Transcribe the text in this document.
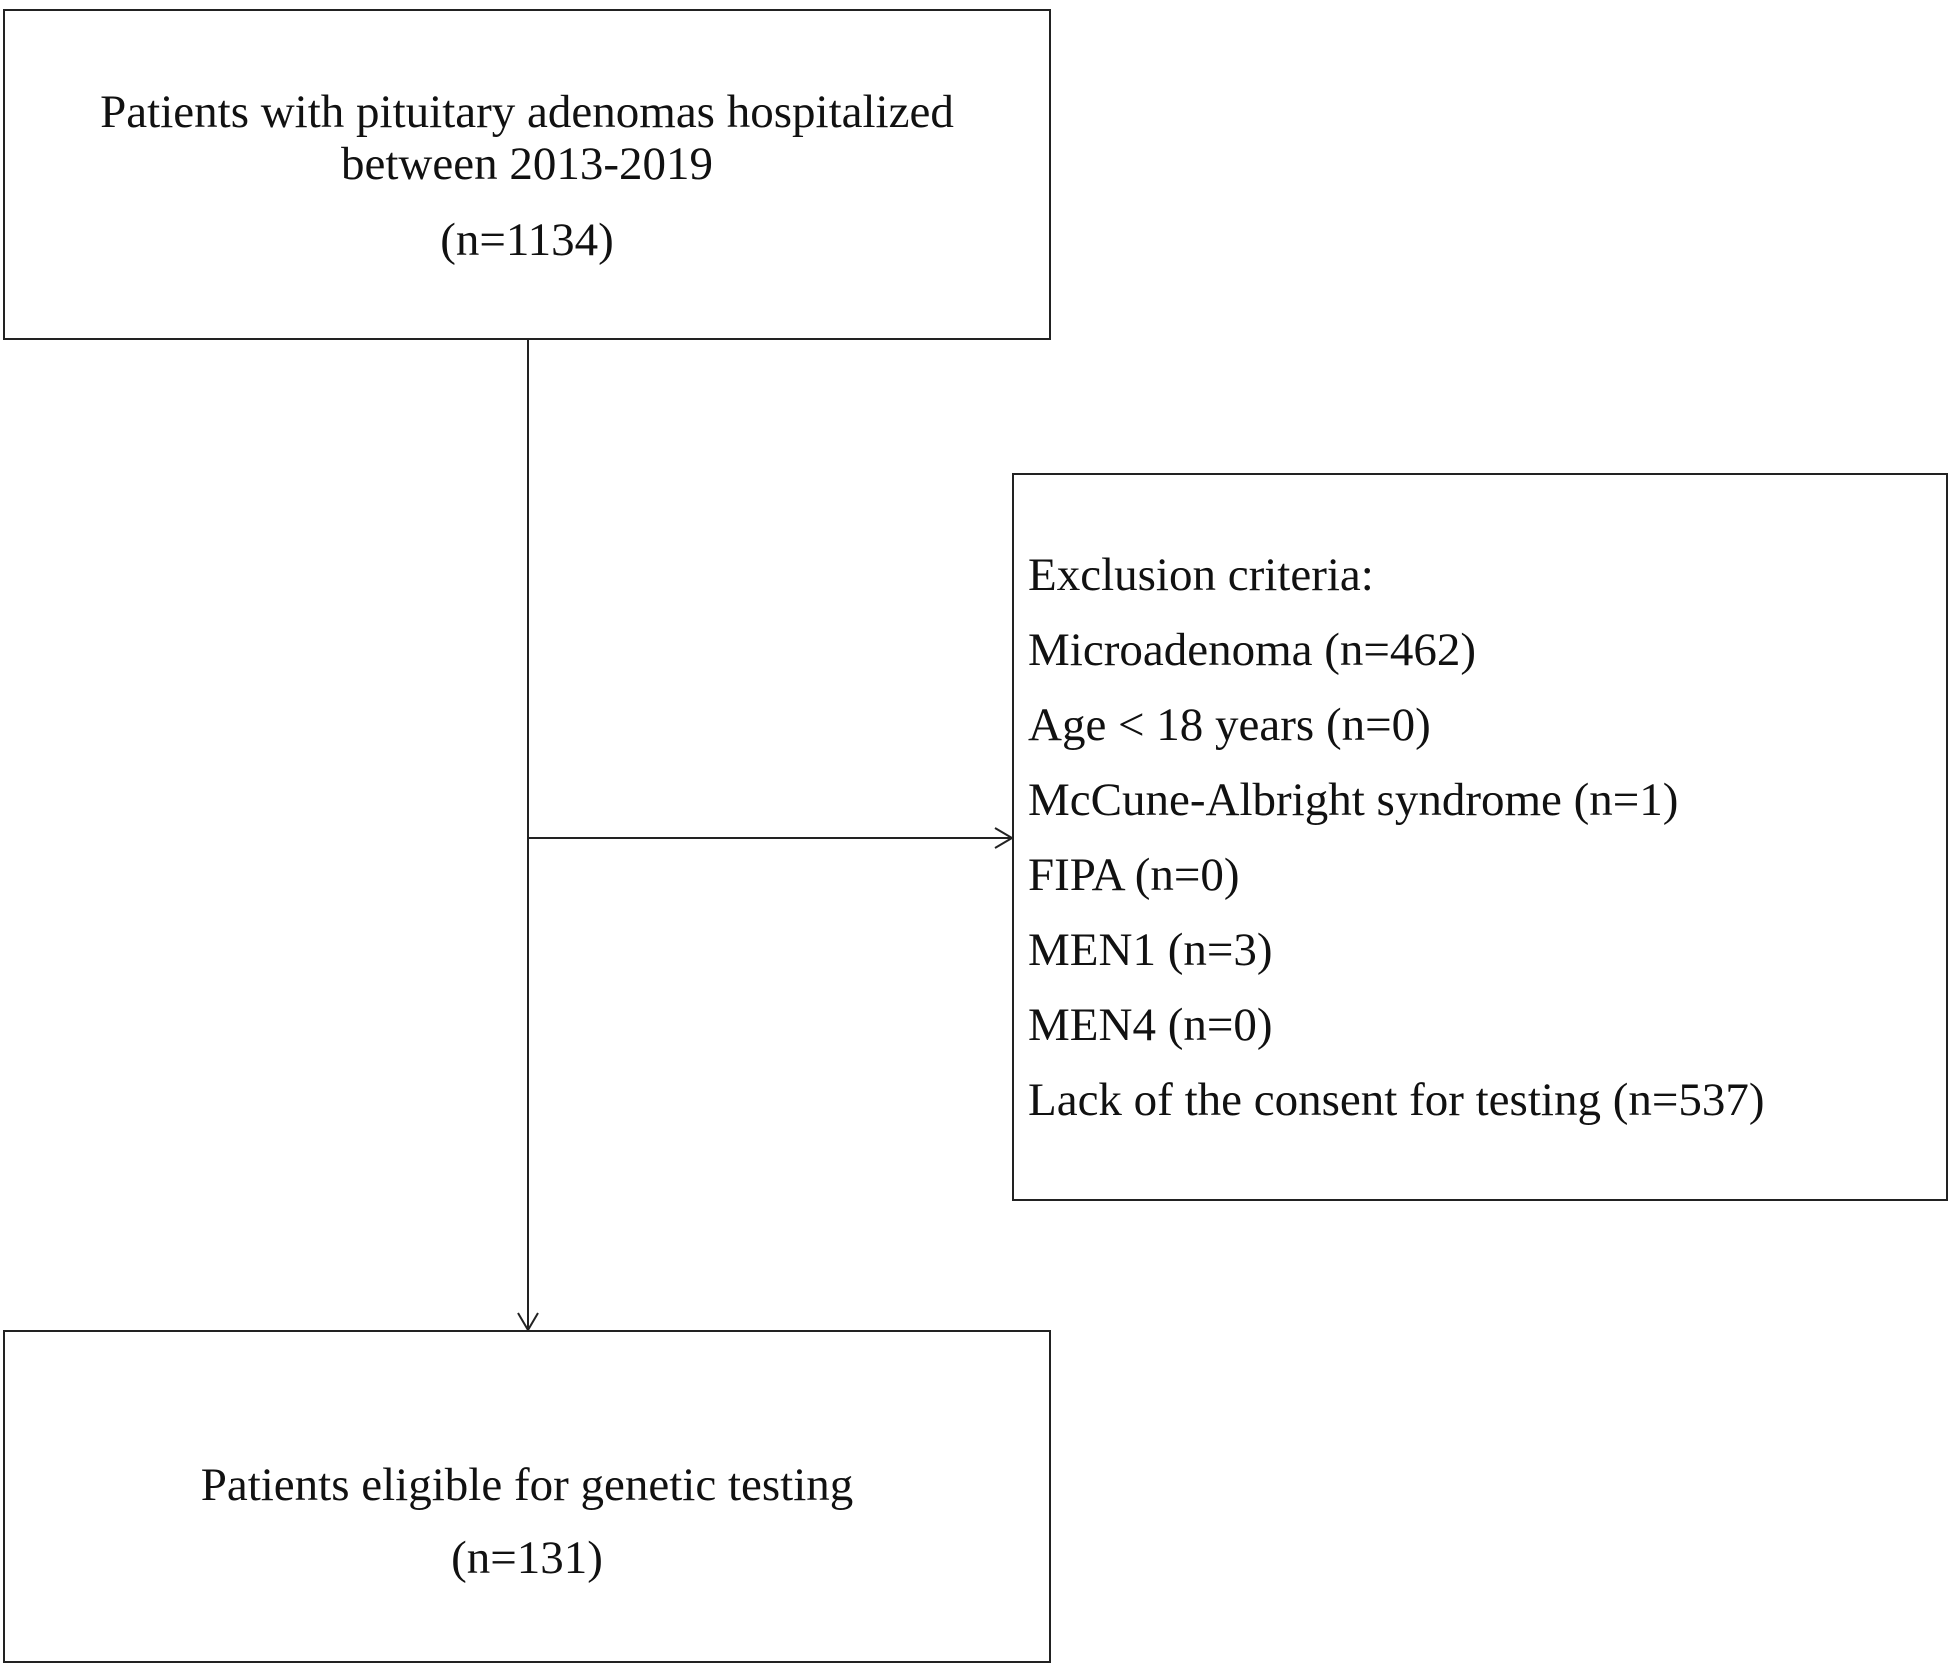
Patients with pituitary adenomas hospitalized between 2013-2019
(n=1134)
Exclusion criteria:
Microadenoma (n=462)
Age < 18 years (n=0)
McCune-Albright syndrome (n=1)
FIPA (n=0)
MEN1 (n=3)
MEN4 (n=0)
Lack of the consent for testing (n=537)
Patients eligible for genetic testing
(n=131)
